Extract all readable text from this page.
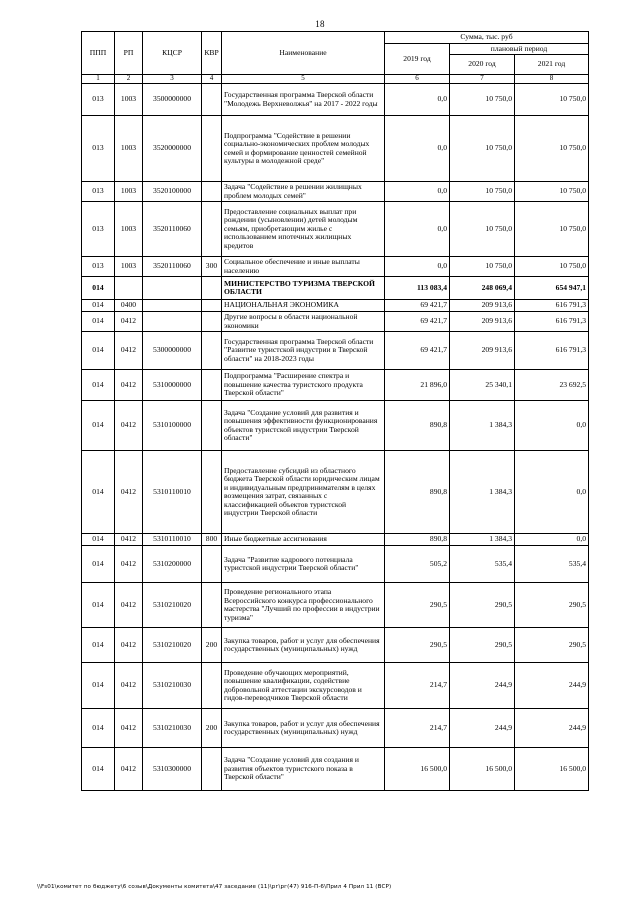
18
ППП	РП	КЦСР	КВР	Наименование	Сумма, тыс. руб		
					2019 год	плановый период	
						2020 год	2021 год
1	2	3	4	5	6	7	8
013	1003	3500000000		Государственная программа Тверской области "Молодежь Верхневолжья" на 2017 - 2022 годы	0,0	10 750,0	10 750,0
013	1003	3520000000		Подпрограмма "Содействие в решении социально-экономических проблем молодых семей и формирование ценностей семейной культуры в молодежной среде"	0,0	10 750,0	10 750,0
013	1003	3520100000		Задача "Содействие в решении жилищных проблем молодых семей"	0,0	10 750,0	10 750,0
013	1003	3520110060		Предоставление социальных выплат при рождении (усыновлении) детей молодым семьям, приобретающим жилье с использованием ипотечных жилищных кредитов	0,0	10 750,0	10 750,0
013	1003	3520110060	300	Социальное обеспечение и иные выплаты населению	0,0	10 750,0	10 750,0
014				МИНИСТЕРСТВО ТУРИЗМА ТВЕРСКОЙ ОБЛАСТИ	113 083,4	248 069,4	654 947,1
014	0400			НАЦИОНАЛЬНАЯ ЭКОНОМИКА	69 421,7	209 913,6	616 791,3
014	0412			Другие вопросы в области национальной экономики	69 421,7	209 913,6	616 791,3
014	0412	5300000000		Государственная программа Тверской области "Развитие туристской индустрии в Тверской области" на 2018-2023 годы	69 421,7	209 913,6	616 791,3
014	0412	5310000000		Подпрограмма "Расширение спектра и повышение качества туристского продукта Тверской области"	21 896,0	25 340,1	23 692,5
014	0412	5310100000		Задача "Создание условий для развития и повышения эффективности функционирования объектов туристской индустрии Тверской области"	890,8	1 384,3	0,0
014	0412	5310110010		Предоставление субсидий из областного бюджета Тверской области юридическим лицам и индивидуальным предпринимателям в целях возмещения затрат, связанных с классификацией объектов туристской индустрии Тверской области	890,8	1 384,3	0,0
014	0412	5310110010	800	Иные бюджетные ассигнования	890,8	1 384,3	0,0
014	0412	5310200000		Задача "Развитие кадрового потенциала туристской индустрии Тверской области"	505,2	535,4	535,4
014	0412	5310210020		Проведение регионального этапа Всероссийского конкурса профессионального мастерства "Лучший по профессии в индустрии туризма"	290,5	290,5	290,5
014	0412	5310210020	200	Закупка товаров, работ и услуг для обеспечения государственных (муниципальных) нужд	290,5	290,5	290,5
014	0412	5310210030		Проведение обучающих мероприятий, повышение квалификации, содействие добровольной аттестации экскурсоводов и гидов-переводчиков Тверской области	214,7	244,9	244,9
014	0412	5310210030	200	Закупка товаров, работ и услуг для обеспечения государственных (муниципальных) нужд	214,7	244,9	244,9
014	0412	5310300000		Задача "Создание условий для создания и развития объектов туристского показа в Тверской области"	16 500,0	16 500,0	16 500,0
\\Fs01\комитет по бюджету\6 созыв\Документы комитета\47 заседание (11)\рг\рг(47) 916-П-6\Прил 4 Прил 11 (ВСР)
